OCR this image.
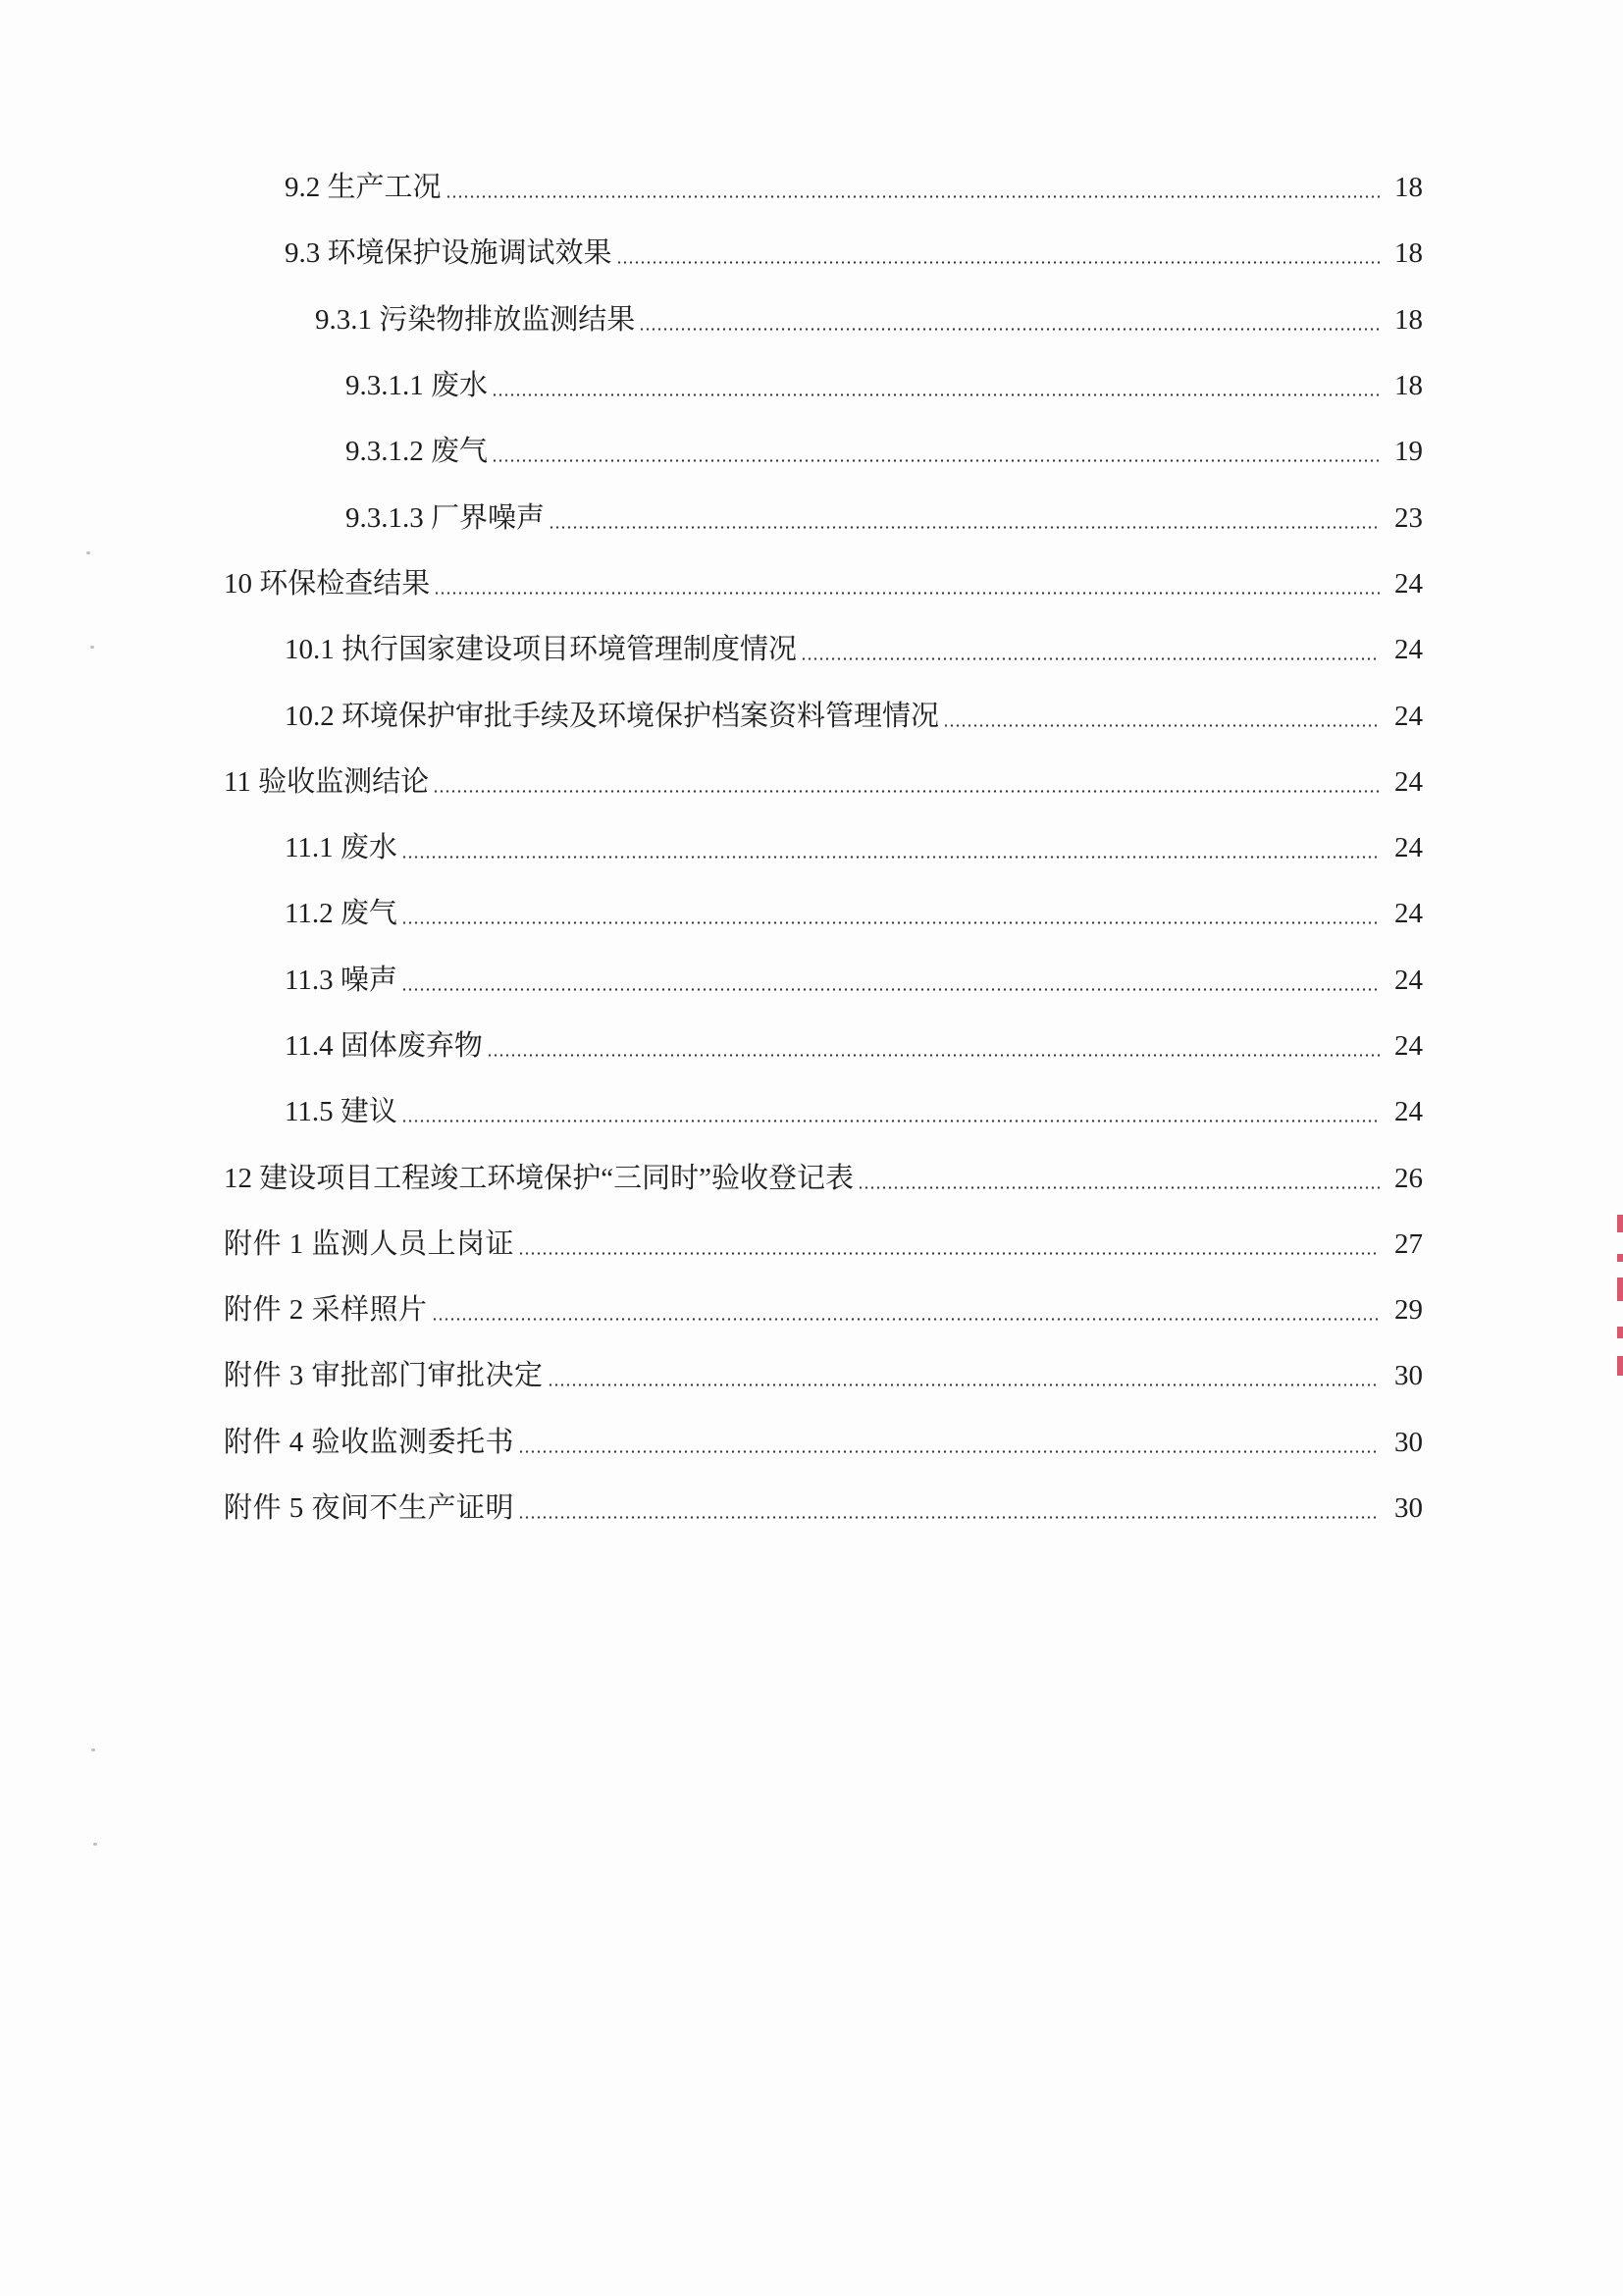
9.2 生产工况	18
9.3 环境保护设施调试效果	18
9.3.1 污染物排放监测结果	18
9.3.1.1 废水	18
9.3.1.2 废气	19
9.3.1.3 厂界噪声	23
10 环保检查结果	24
10.1 执行国家建设项目环境管理制度情况	24
10.2 环境保护审批手续及环境保护档案资料管理情况	24
11 验收监测结论	24
11.1 废水	24
11.2 废气	24
11.3 噪声	24
11.4 固体废弃物	24
11.5 建议	24
12 建设项目工程竣工环境保护“三同时”验收登记表	26
附件 1 监测人员上岗证	27
附件 2 采样照片	29
附件 3 审批部门审批决定	30
附件 4 验收监测委托书	30
附件 5 夜间不生产证明	30
